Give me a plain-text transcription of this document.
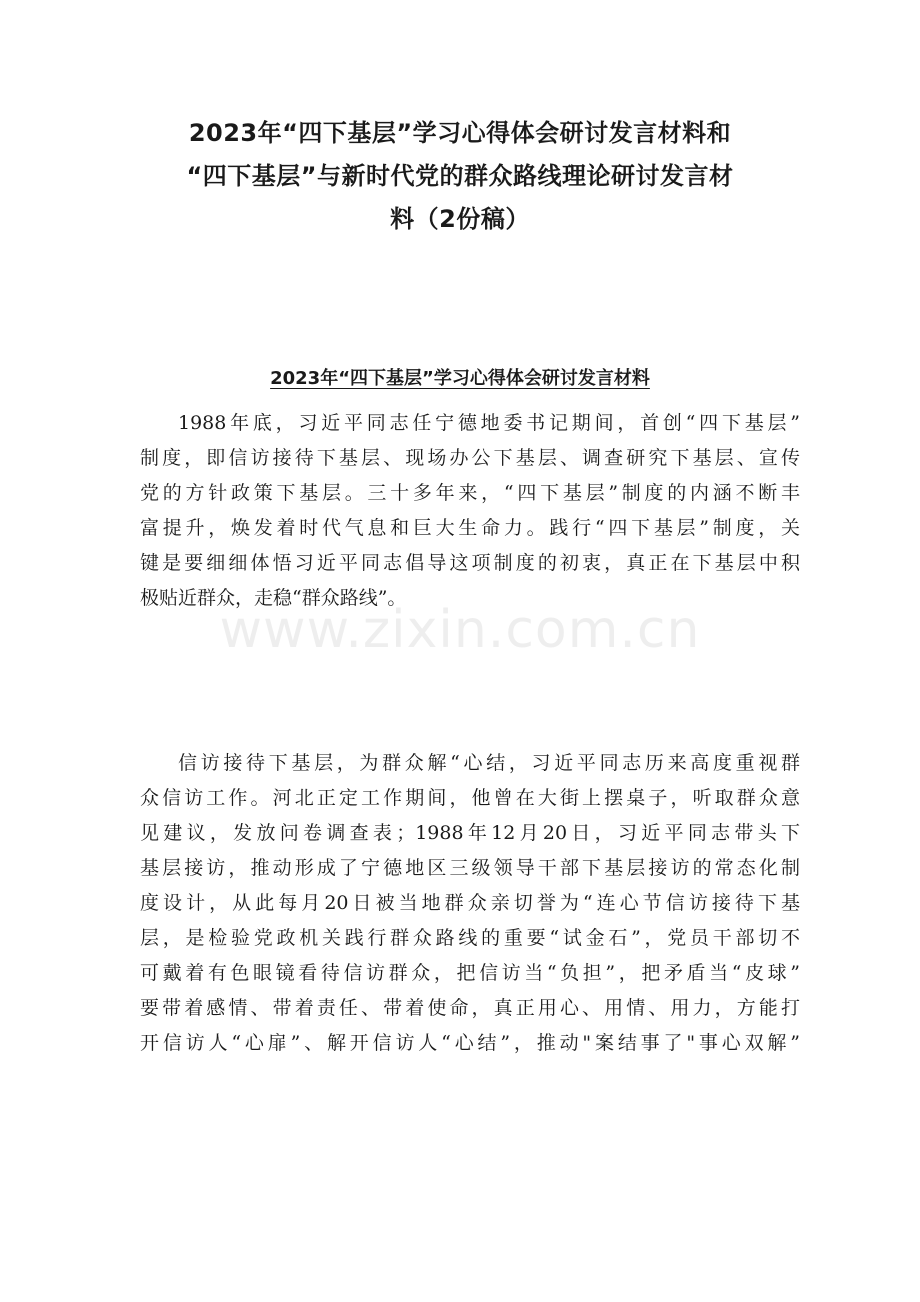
2023年“四下基层”学习心得体会研讨发言材料和
“四下基层”与新时代党的群众路线理论研讨发言材
料（2份稿）
2023年“四下基层”学习心得体会研讨发言材料

1988年底，习近平同志任宁德地委书记期间，首创“四下基层”
制度，即信访接待下基层、现场办公下基层、调查研究下基层、宣传
党的方针政策下基层。三十多年来，“四下基层”制度的内涵不断丰
富提升，焕发着时代气息和巨大生命力。践行“四下基层”制度，关
键是要细细体悟习近平同志倡导这项制度的初衷，真正在下基层中积
极贴近群众，走稳“群众路线”。

信访接待下基层，为群众解“心结，习近平同志历来高度重视群
众信访工作。河北正定工作期间，他曾在大街上摆桌子，听取群众意
见建议，发放问卷调查表；1988年12月20日，习近平同志带头下
基层接访，推动形成了宁德地区三级领导干部下基层接访的常态化制
度设计，从此每月20日被当地群众亲切誉为“连心节信访接待下基
层，是检验党政机关践行群众路线的重要“试金石”，党员干部切不
可戴着有色眼镜看待信访群众，把信访当“负担”，把矛盾当“皮球”
要带着感情、带着责任、带着使命，真正用心、用情、用力，方能打
开信访人“心扉”、解开信访人“心结”，推动"案结事了"事心双解”

www.zixin.com.cn
